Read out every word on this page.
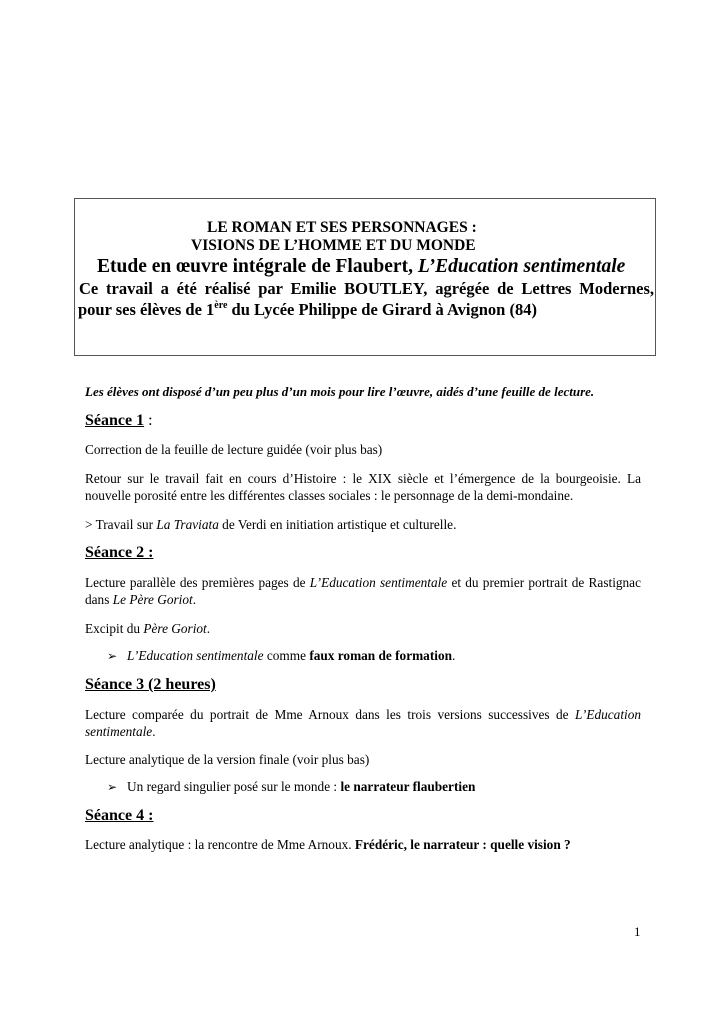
LE ROMAN ET SES PERSONNAGES :
VISIONS DE L’HOMME ET DU MONDE
Etude en œuvre intégrale de Flaubert, L’Education sentimentale
Ce travail a été réalisé par Emilie BOUTLEY, agrégée de Lettres Modernes,
pour ses élèves de 1ère du Lycée Philippe de Girard à Avignon (84)
Les élèves ont disposé d’un peu plus d’un mois pour lire l’œuvre, aidés d’une feuille de lecture.
Séance 1 :
Correction de la feuille de lecture guidée (voir plus bas)
Retour sur le travail fait en cours d’Histoire : le XIX siècle et l’émergence de la bourgeoisie. La nouvelle porosité entre les différentes classes sociales : le personnage de la demi-mondaine.
> Travail sur La Traviata de Verdi en initiation artistique et culturelle.
Séance 2 :
Lecture parallèle des premières pages de L’Education sentimentale et du premier portrait de Rastignac dans Le Père Goriot.
Excipit du Père Goriot.
➢ L’Education sentimentale comme faux roman de formation.
Séance 3 (2 heures)
Lecture comparée du portrait de Mme Arnoux dans les trois versions successives de L’Education sentimentale.
Lecture analytique de la version finale (voir plus bas)
➢ Un regard singulier posé sur le monde : le narrateur flaubertien
Séance 4 :
Lecture analytique : la rencontre de Mme Arnoux. Frédéric, le narrateur : quelle vision ?
1
